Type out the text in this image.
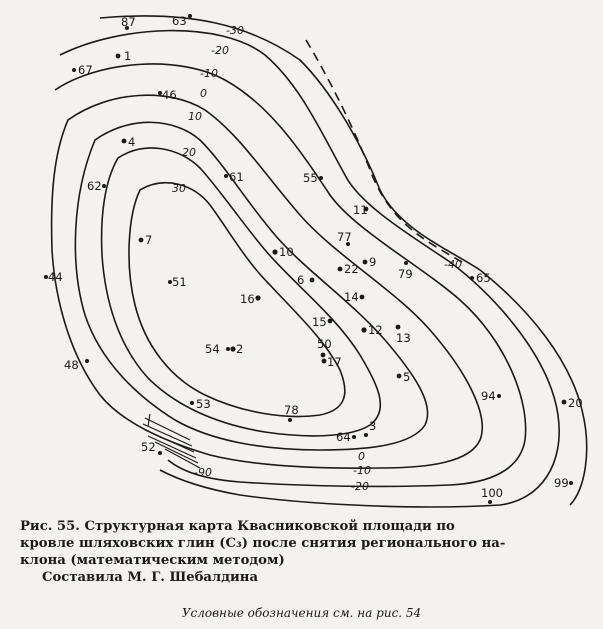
-30
-20
-10
0
10
20
30
-40
0
-10
-20
-90
87	63
1
67
46
4
62
61	55
11
7
10
77
9
22	79
44	51	6	65
16	14
15
12
13
50
54 2
17
5
48
94	20
53	78
3
64
52
100
99
Рис. 55. Структурная карта Квасниковской площади по
кровле шляховских глин (С₃) после снятия регионального на-
клона (математическим методом)
Составила М. Г. Шебалдина
Условные обозначения см. на рис. 54
